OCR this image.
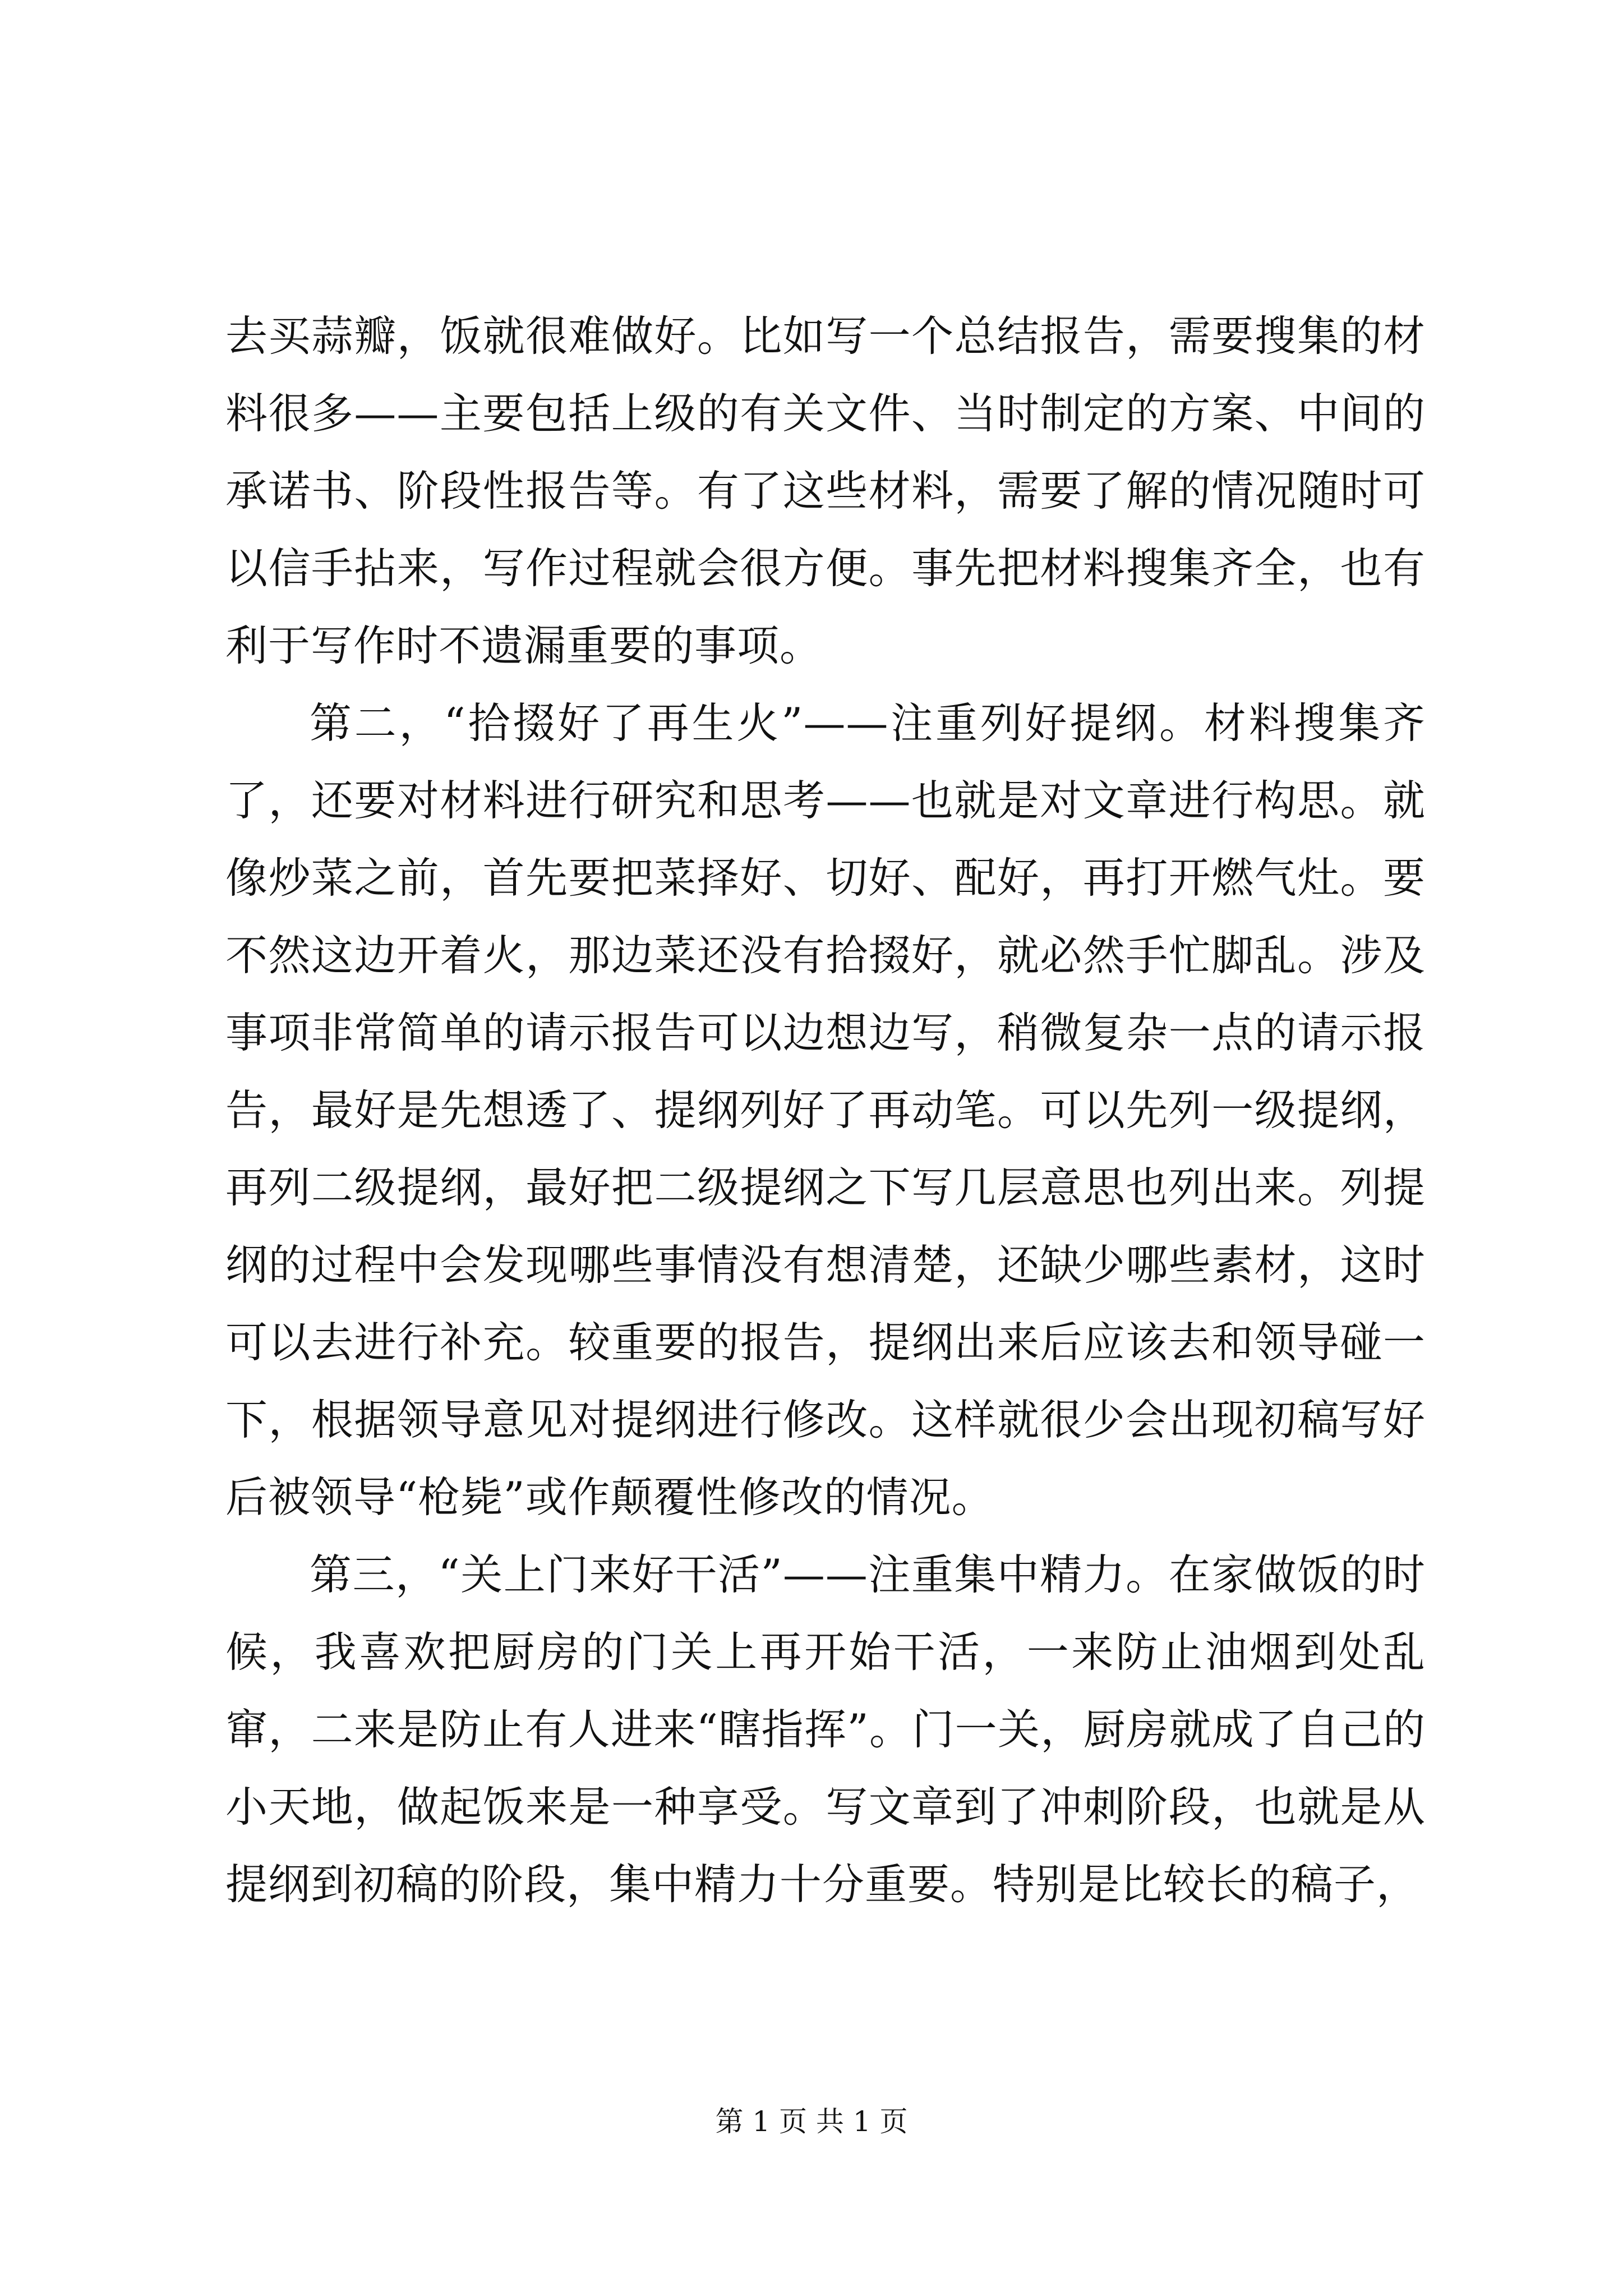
去买蒜瓣，饭就很难做好。比如写一个总结报告，需要搜集的材料很多——主要包括上级的有关文件、当时制定的方案、中间的承诺书、阶段性报告等。有了这些材料，需要了解的情况随时可以信手拈来，写作过程就会很方便。事先把材料搜集齐全，也有利于写作时不遗漏重要的事项。

第二，“拾掇好了再生火”——注重列好提纲。材料搜集齐了，还要对材料进行研究和思考——也就是对文章进行构思。就像炒菜之前，首先要把菜择好、切好、配好，再打开燃气灶。要不然这边开着火，那边菜还没有拾掇好，就必然手忙脚乱。涉及事项非常简单的请示报告可以边想边写，稍微复杂一点的请示报告，最好是先想透了、提纲列好了再动笔。可以先列一级提纲，再列二级提纲，最好把二级提纲之下写几层意思也列出来。列提纲的过程中会发现哪些事情没有想清楚，还缺少哪些素材，这时可以去进行补充。较重要的报告，提纲出来后应该去和领导碰一下，根据领导意见对提纲进行修改。这样就很少会出现初稿写好后被领导“枪毙”或作颠覆性修改的情况。

第三，“关上门来好干活”——注重集中精力。在家做饭的时候，我喜欢把厨房的门关上再开始干活，一来防止油烟到处乱窜，二来是防止有人进来“瞎指挥”。门一关，厨房就成了自己的小天地，做起饭来是一种享受。写文章到了冲刺阶段，也就是从提纲到初稿的阶段，集中精力十分重要。特别是比较长的稿子，

第 1 页 共 1 页
